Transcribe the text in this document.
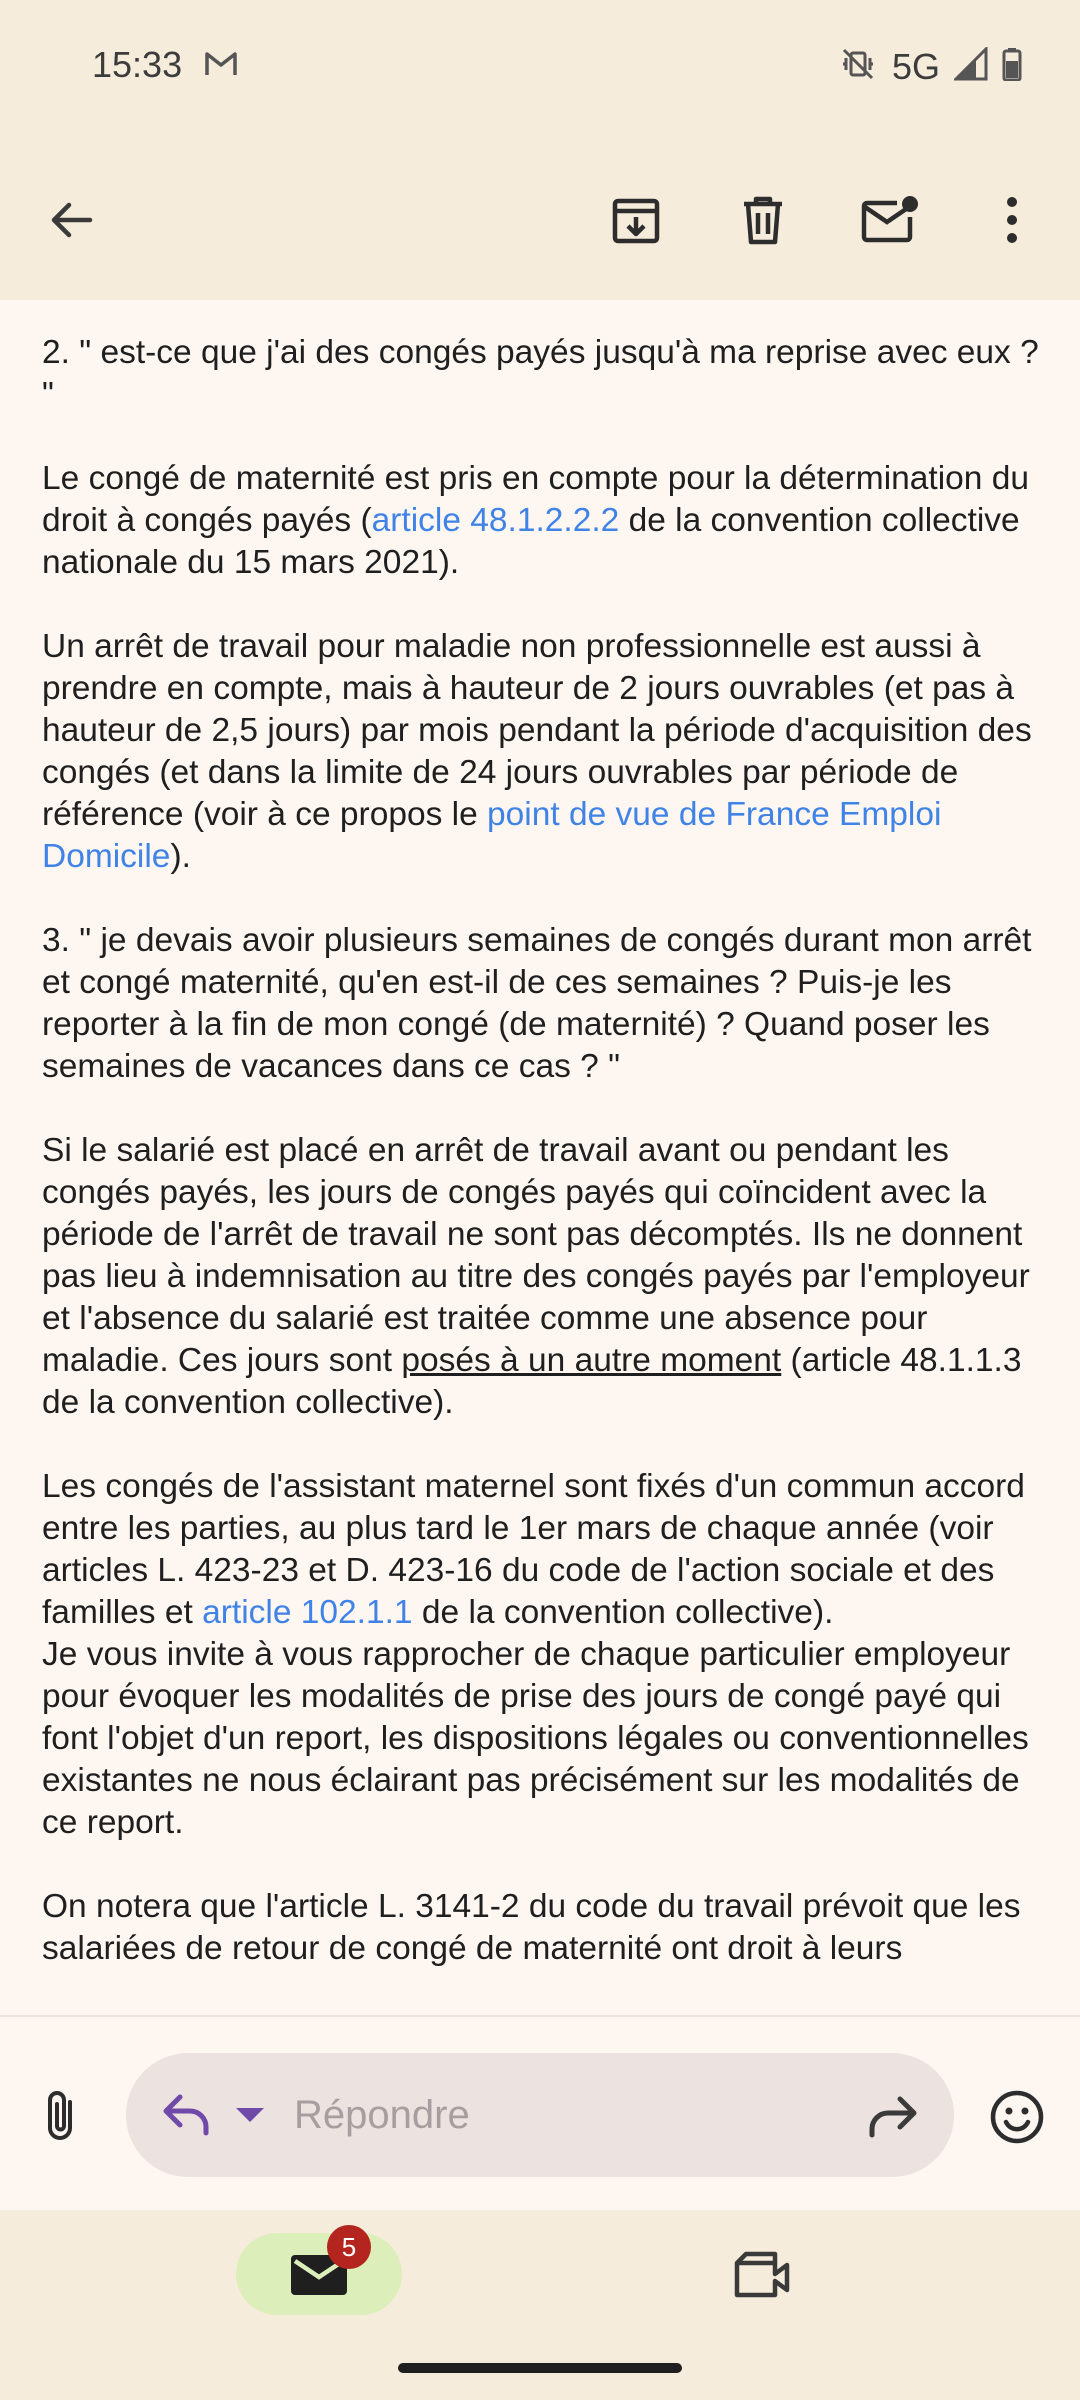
15:33	5G

2. " est-ce que j'ai des congés payés jusqu'à ma reprise avec eux ? "

Le congé de maternité est pris en compte pour la détermination du droit à congés payés (article 48.1.2.2.2 de la convention collective nationale du 15 mars 2021).

Un arrêt de travail pour maladie non professionnelle est aussi à prendre en compte, mais à hauteur de 2 jours ouvrables (et pas à hauteur de 2,5 jours) par mois pendant la période d'acquisition des congés (et dans la limite de 24 jours ouvrables par période de référence (voir à ce propos le point de vue de France Emploi Domicile).

3. " je devais avoir plusieurs semaines de congés durant mon arrêt et congé maternité, qu'en est-il de ces semaines ? Puis-je les reporter à la fin de mon congé (de maternité) ? Quand poser les semaines de vacances dans ce cas ? "

Si le salarié est placé en arrêt de travail avant ou pendant les congés payés, les jours de congés payés qui coïncident avec la période de l'arrêt de travail ne sont pas décomptés. Ils ne donnent pas lieu à indemnisation au titre des congés payés par l'employeur et l'absence du salarié est traitée comme une absence pour maladie. Ces jours sont posés à un autre moment (article 48.1.1.3 de la convention collective).

Les congés de l'assistant maternel sont fixés d'un commun accord entre les parties, au plus tard le 1er mars de chaque année (voir articles L. 423-23 et D. 423-16 du code de l'action sociale et des familles et article 102.1.1 de la convention collective).

Je vous invite à vous rapprocher de chaque particulier employeur pour évoquer les modalités de prise des jours de congé payé qui font l'objet d'un report, les dispositions légales ou conventionnelles existantes ne nous éclairant pas précisément sur les modalités de ce report.

On notera que l'article L. 3141-2 du code du travail prévoit que les salariées de retour de congé de maternité ont droit à leurs

Répondre
5
